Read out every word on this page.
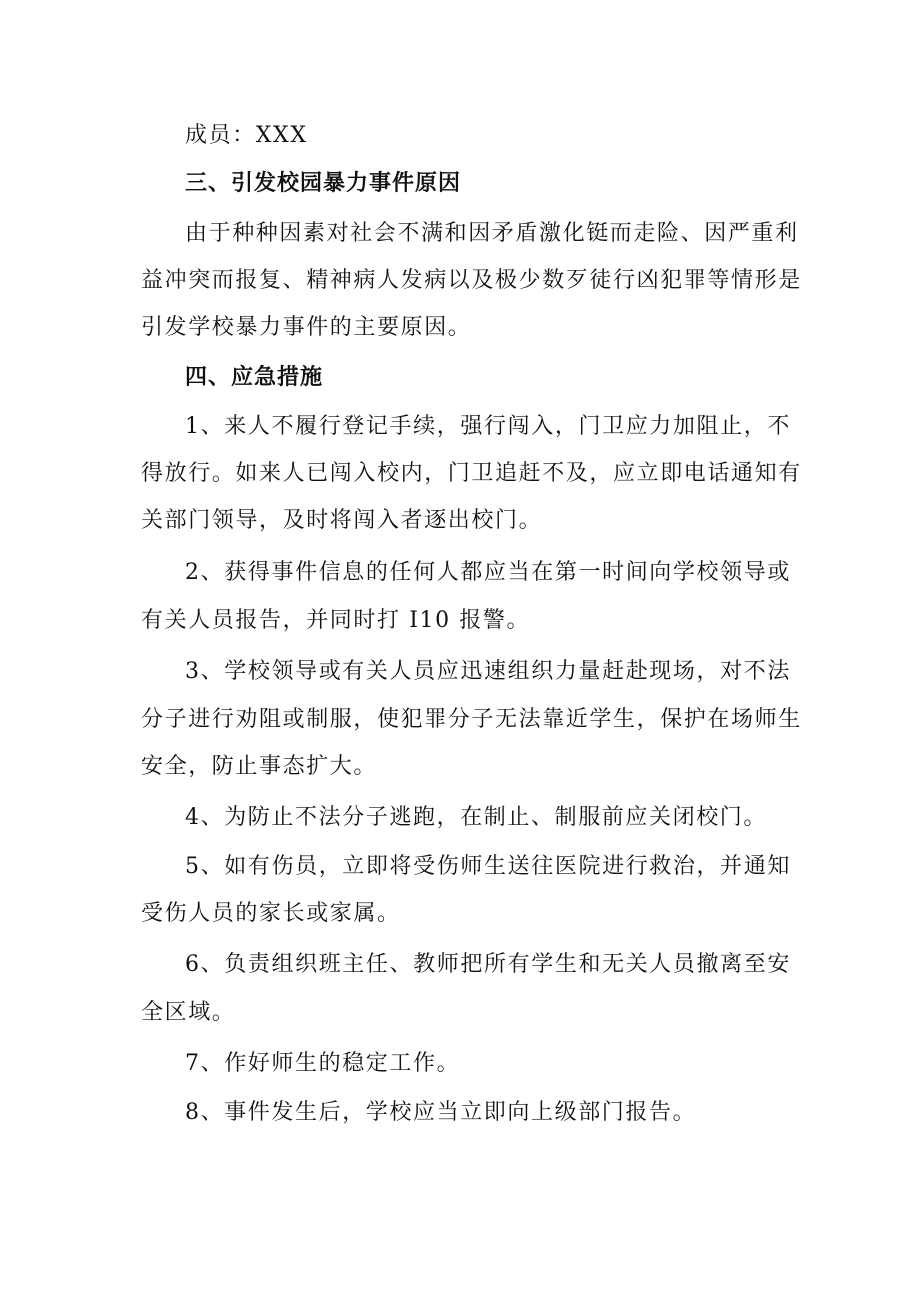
成员：XXX
三、引发校园暴力事件原因
由于种种因素对社会不满和因矛盾激化铤而走险、因严重利
益冲突而报复、精神病人发病以及极少数歹徒行凶犯罪等情形是
引发学校暴力事件的主要原因。
四、应急措施
1、来人不履行登记手续，强行闯入，门卫应力加阻止，不
得放行。如来人已闯入校内，门卫追赶不及，应立即电话通知有
关部门领导，及时将闯入者逐出校门。
2、获得事件信息的任何人都应当在第一时间向学校领导或
有关人员报告，并同时打 I10 报警。
3、学校领导或有关人员应迅速组织力量赶赴现场，对不法
分子进行劝阻或制服，使犯罪分子无法靠近学生，保护在场师生
安全，防止事态扩大。
4、为防止不法分子逃跑，在制止、制服前应关闭校门。
5、如有伤员，立即将受伤师生送往医院进行救治，并通知
受伤人员的家长或家属。
6、负责组织班主任、教师把所有学生和无关人员撤离至安
全区域。
7、作好师生的稳定工作。
8、事件发生后，学校应当立即向上级部门报告。
